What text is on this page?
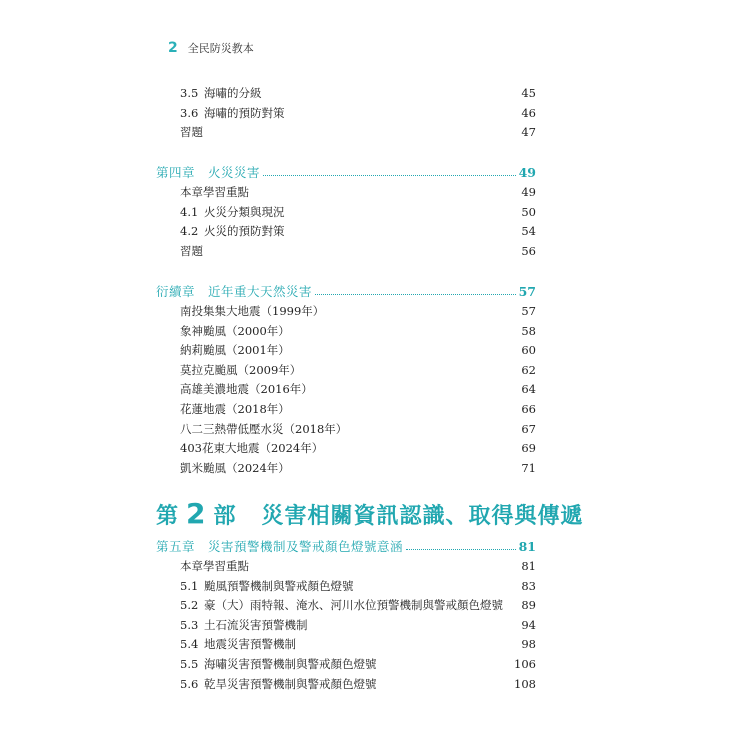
2 全民防災教本
3.5 海嘯的分級	45
3.6 海嘯的預防對策	46
習題	47
第四章　火災災害	49
本章學習重點	49
4.1 火災分類與現況	50
4.2 火災的預防對策	54
習題	56
衍續章　近年重大天然災害	57
南投集集大地震（1999年）	57
象神颱風（2000年）	58
納莉颱風（2001年）	60
莫拉克颱風（2009年）	62
高雄美濃地震（2016年）	64
花蓮地震（2018年）	66
八二三熱帶低壓水災（2018年）	67
403花東大地震（2024年）	69
凱米颱風（2024年）	71
第 2 部 災害相關資訊認識、取得與傳遞
第五章　災害預警機制及警戒顏色燈號意涵	81
本章學習重點	81
5.1 颱風預警機制與警戒顏色燈號	83
5.2 豪（大）雨特報、淹水、河川水位預警機制與警戒顏色燈號 89
5.3 土石流災害預警機制	94
5.4 地震災害預警機制	98
5.5 海嘯災害預警機制與警戒顏色燈號	106
5.6 乾旱災害預警機制與警戒顏色燈號	108
